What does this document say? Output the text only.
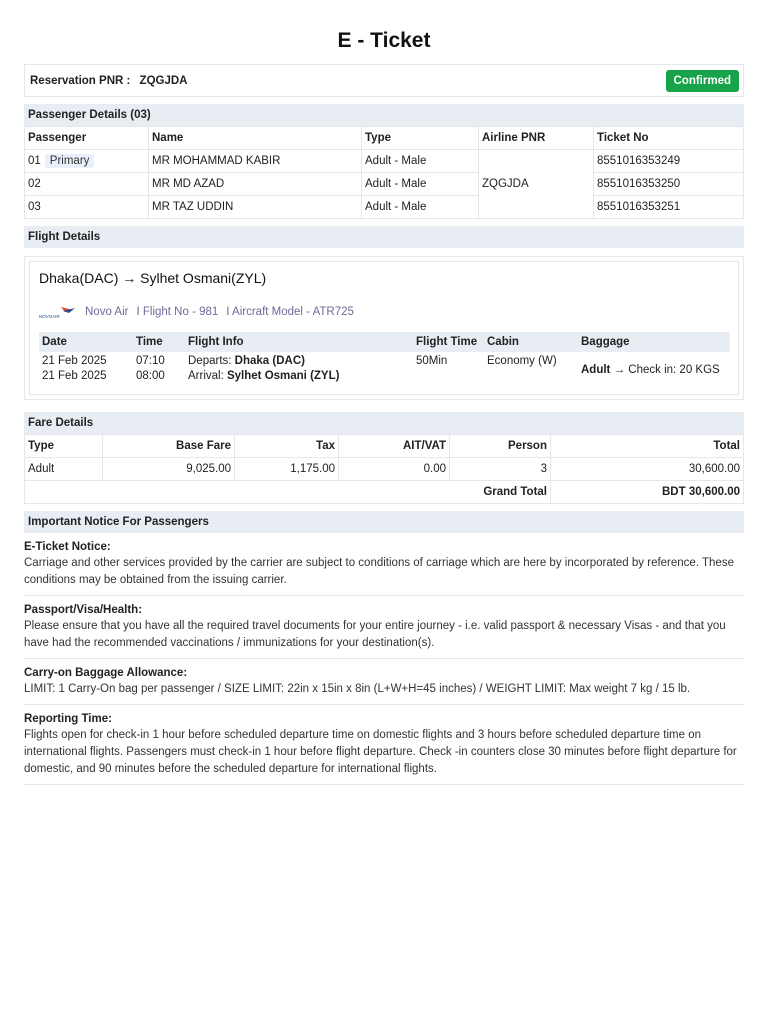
E - Ticket
Reservation PNR : ZQGJDA	Confirmed
Passenger Details (03)
Passenger	Name	Type	Airline PNR	Ticket No
01 Primary	MR MOHAMMAD KABIR	Adult - Male	ZQGJDA	8551016353249
02	MR MD AZAD	Adult - Male		8551016353250
03	MR TAZ UDDIN	Adult - Male		8551016353251
Flight Details
Dhaka(DAC) → Sylhet Osmani(ZYL)
NOVOAIR Novo Air I Flight No - 981 I Aircraft Model - ATR725
Date	Time	Flight Info	Flight Time	Cabin	Baggage
21 Feb 2025	07:10	Departs: Dhaka (DAC)	50Min	Economy (W)	Adult → Check in: 20 KGS
21 Feb 2025	08:00	Arrival: Sylhet Osmani (ZYL)			
Fare Details
Type	Base Fare	Tax	AIT/VAT	Person	Total
Adult	9,025.00	1,175.00	0.00	3	30,600.00
Grand Total					BDT 30,600.00
Important Notice For Passengers
E-Ticket Notice:
Carriage and other services provided by the carrier are subject to conditions of carriage which are here by incorporated by reference. These conditions may be obtained from the issuing carrier.
Passport/Visa/Health:
Please ensure that you have all the required travel documents for your entire journey - i.e. valid passport & necessary Visas - and that you have had the recommended vaccinations / immunizations for your destination(s).
Carry-on Baggage Allowance:
LIMIT: 1 Carry-On bag per passenger / SIZE LIMIT: 22in x 15in x 8in (L+W+H=45 inches) / WEIGHT LIMIT: Max weight 7 kg / 15 lb.
Reporting Time:
Flights open for check-in 1 hour before scheduled departure time on domestic flights and 3 hours before scheduled departure time on international flights. Passengers must check-in 1 hour before flight departure. Check -in counters close 30 minutes before flight departure for domestic, and 90 minutes before the scheduled departure for international flights.
